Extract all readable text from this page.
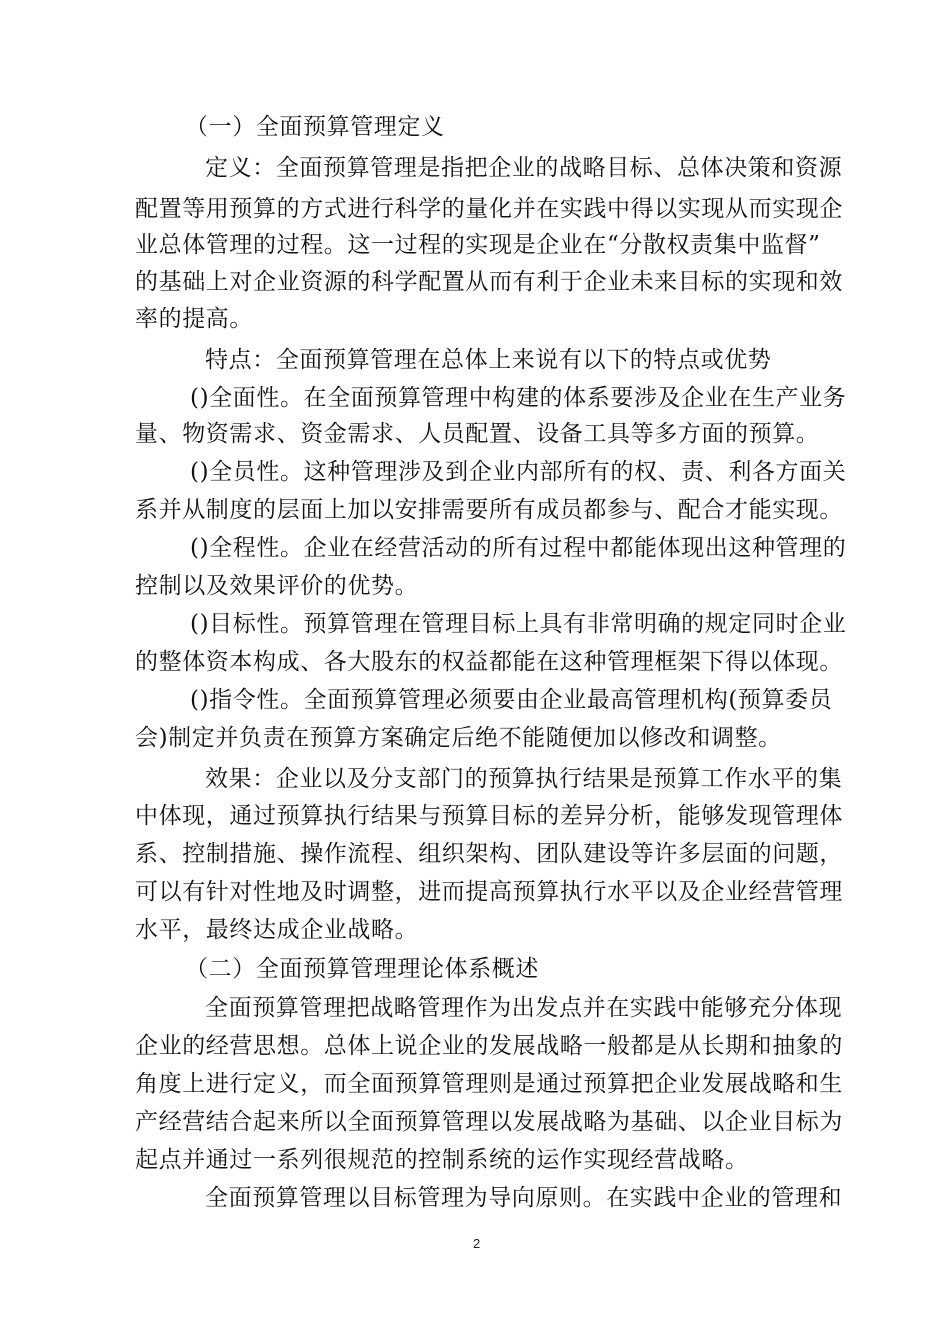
（一）全面预算管理定义
定义：全面预算管理是指把企业的战略目标、总体决策和资源
配置等用预算的方式进行科学的量化并在实践中得以实现从而实现企
业总体管理的过程。这一过程的实现是企业在“分散权责集中监督”
的基础上对企业资源的科学配置从而有利于企业未来目标的实现和效
率的提高。
特点：全面预算管理在总体上来说有以下的特点或优势
()全面性。在全面预算管理中构建的体系要涉及企业在生产业务
量、物资需求、资金需求、人员配置、设备工具等多方面的预算。
()全员性。这种管理涉及到企业内部所有的权、责、利各方面关
系并从制度的层面上加以安排需要所有成员都参与、配合才能实现。
()全程性。企业在经营活动的所有过程中都能体现出这种管理的
控制以及效果评价的优势。
()目标性。预算管理在管理目标上具有非常明确的规定同时企业
的整体资本构成、各大股东的权益都能在这种管理框架下得以体现。
()指令性。全面预算管理必须要由企业最高管理机构(预算委员
会)制定并负责在预算方案确定后绝不能随便加以修改和调整。
效果：企业以及分支部门的预算执行结果是预算工作水平的集
中体现，通过预算执行结果与预算目标的差异分析，能够发现管理体
系、控制措施、操作流程、组织架构、团队建设等许多层面的问题，
可以有针对性地及时调整，进而提高预算执行水平以及企业经营管理
水平，最终达成企业战略。
（二）全面预算管理理论体系概述
全面预算管理把战略管理作为出发点并在实践中能够充分体现
企业的经营思想。总体上说企业的发展战略一般都是从长期和抽象的
角度上进行定义，而全面预算管理则是通过预算把企业发展战略和生
产经营结合起来所以全面预算管理以发展战略为基础、以企业目标为
起点并通过一系列很规范的控制系统的运作实现经营战略。
全面预算管理以目标管理为导向原则。在实践中企业的管理和
2
